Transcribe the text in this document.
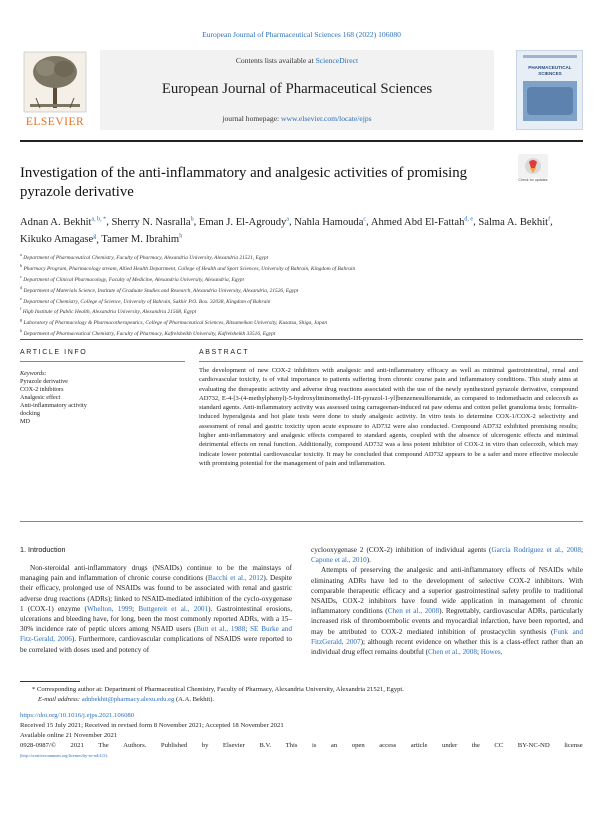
European Journal of Pharmaceutical Sciences 168 (2022) 106080
ELSEVIER
Contents lists available at ScienceDirect
European Journal of Pharmaceutical Sciences
journal homepage: www.elsevier.com/locate/ejps
PHARMACEUTICAL
SCIENCES
Investigation of the anti-inflammatory and analgesic activities of promising pyrazole derivative
Check for updates
Adnan A. Bekhit$^{a, b, *}$, Sherry N. Nasralla$^b$, Eman J. El-Agroudy$^a$, Nahla Hamouda$^c$, Ahmed Abd El-Fattah$^{d, e}$, Salma A. Bekhit$^f$, Kikuko Amagase$^g$, Tamer M. Ibrahim$^h$
$^a$ Department of Pharmaceutical Chemistry, Faculty of Pharmacy, Alexandria University, Alexandria 21521, Egypt
$^b$ Pharmacy Program, Pharmacology stream, Allied Health Department, College of Health and Sport Sciences, University of Bahrain, Kingdom of Bahrain
$^c$ Department of Clinical Pharmacology, Faculty of Medicine, Alexandria University, Alexandria, Egypt
$^d$ Department of Materials Science, Institute of Graduate Studies and Research, Alexandria University, Alexandria, 21526, Egypt
$^e$ Department of Chemistry, College of Science, University of Bahrain, Sakhir P.O. Box. 32038, Kingdom of Bahrain
$^f$ High Institute of Public Health, Alexandria University, Alexandria 21568, Egypt
$^g$ Laboratory of Pharmacology & Pharmacotherapeutics, College of Pharmaceutical Sciences, Ritsumeikan University, Kusatsu, Shiga, Japan
$^h$ Department of Pharmaceutical Chemistry, Faculty of Pharmacy, Kafrelsheikh University, Kafrelsheikh 33516, Egypt
ARTICLE INFO	ABSTRACT
Keywords:
Pyrazole derivative
COX-2 inhibitors
Analgesic effect
Anti-inflammatory activity
docking
MD
The development of new COX-2 inhibitors with analgesic and anti-inflammatory efficacy as well as minimal gastrointestinal, renal and cardiovascular toxicity, is of vital importance to patients suffering from chronic course pain and inflammatory conditions. This study aims at evaluating the therapeutic activity and adverse drug reactions associated with the use of the newly synthesized pyrazole derivative, compound AD732, E-4-[3-(4-methylphenyl)-5-hydroxyliminomethyl-1H-pyrazol-1-yl]benzenesulfonamide, as compared to indomethacin and celecoxib as standard agents. Anti-inflammatory activity was assessed using carrageenan-induced rat paw edema and cotton pellet granuloma tests; formalin-induced hyperalgesia and hot plate tests were done to study analgesic activity. In vitro tests to determine COX-1/COX-2 selectivity and assessment of renal and gastric toxicity upon acute exposure to AD732 were also conducted. Compound AD732 exhibited promising results; higher anti-inflammatory and analgesic effects compared to standard agents, coupled with the absence of ulcerogenic effects and minimal detrimental effects on renal function. Additionally, compound AD732 was a less potent inhibitor of COX-2 in vitro than celecoxib, which may indicate lower potential cardiovascular toxicity. It may be concluded that compound AD732 appears to be a safer and more effective molecule with promising potential for the management of pain and inflammation.
1. Introduction
Non-steroidal anti-inflammatory drugs (NSAIDs) continue to be the mainstays of managing pain and inflammation of chronic course conditions (Bacchi et al., 2012). Despite their efficacy, prolonged use of NSAIDs was found to be associated with renal and gastric adverse drug reactions (ADRs); linked to NSAID-mediated inhibition of the cyclo-oxygenase 1 (COX-1) enzyme (Whelton, 1999; Buttgereit et al., 2001). Gastrointestinal erosions, ulcerations and bleeding have, for long, been the most commonly reported ADRs, with a 15–30% incidence rate of peptic ulcers among NSAID users (Butt et al., 1988; SE Burke and Fitz-Gerald, 2006). Furthermore, cardiovascular complications of NSAIDS were reported to be correlated with doses used and potency of
cyclooxygenase 2 (COX-2) inhibition of individual agents (García Rodríguez et al., 2008; Capone et al., 2010).
Attempts of preserving the analgesic and anti-inflammatory effects of NSAIDs while eliminating ADRs have led to the development of selective COX-2 inhibitors. With comparable therapeutic efficacy and a superior gastrointestinal safety profile to traditional NSAIDs, COX-2 inhibitors have found wide application in management of chronic inflammatory conditions (Chen et al., 2008). Regrettably, cardiovascular ADRs, particularly increased risk of thromboembolic events and myocardial infarction, have been reported, and may be attributed to COX-2 mediated inhibition of prostacyclin synthesis (Funk and FitzGerald, 2007); although recent evidence on whether this is a class-effect rather than an individual drug effect remains doubtful (Chen et al., 2008; Howes,
* Corresponding author at: Department of Pharmaceutical Chemistry, Faculty of Pharmacy, Alexandria University, Alexandria 21521, Egypt.
E-mail address: adnbekhit@pharmacy.alexu.edu.eg (A.A. Bekhit).
https://doi.org/10.1016/j.ejps.2021.106080
Received 15 July 2021; Received in revised form 8 November 2021; Accepted 18 November 2021
Available online 21 November 2021
0928-0987/© 2021 The Authors. Published by Elsevier B.V. This is an open access article under the CC BY-NC-ND license
(http://creativecommons.org/licenses/by-nc-nd/4.0/).
